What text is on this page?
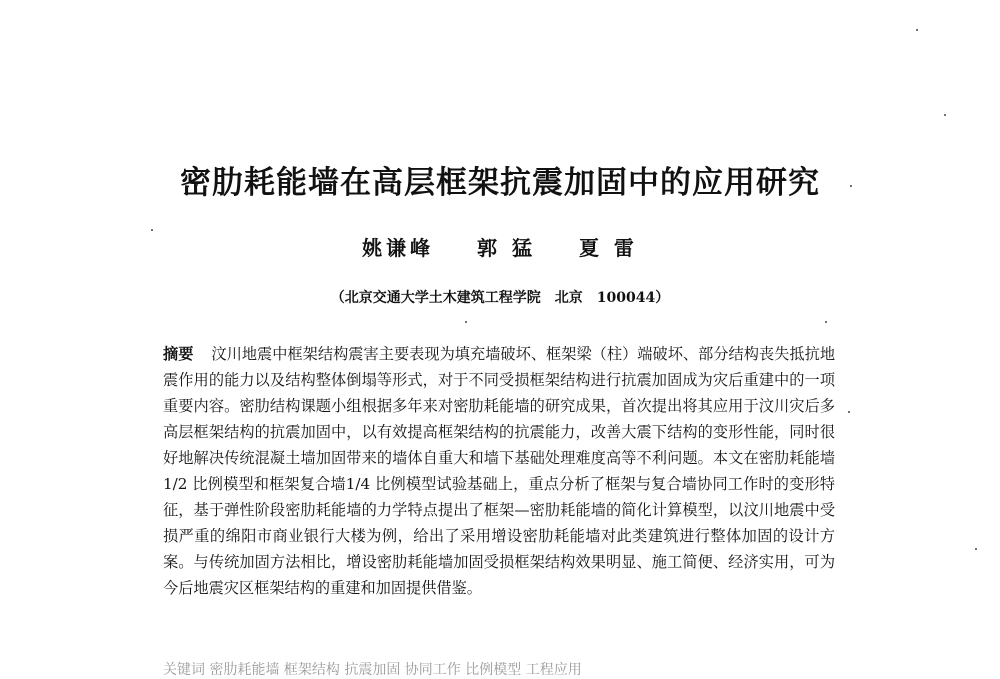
密肋耗能墙在高层框架抗震加固中的应用研究
姚谦峰 郭 猛 夏 雷
（北京交通大学土木建筑工程学院　北京　100044）

摘要 汶川地震中框架结构震害主要表现为填充墙破坏、框架梁（柱）端破坏、部分结构丧失抵抗地震作用的能力以及结构整体倒塌等形式，对于不同受损框架结构进行抗震加固成为灾后重建中的一项重要内容。密肋结构课题小组根据多年来对密肋耗能墙的研究成果，首次提出将其应用于汶川灾后多高层框架结构的抗震加固中，以有效提高框架结构的抗震能力，改善大震下结构的变形性能，同时很好地解决传统混凝土墙加固带来的墙体自重大和墙下基础处理难度高等不利问题。本文在密肋耗能墙1/2 比例模型和框架复合墙1/4 比例模型试验基础上，重点分析了框架与复合墙协同工作时的变形特征，基于弹性阶段密肋耗能墙的力学特点提出了框架—密肋耗能墙的简化计算模型，以汶川地震中受损严重的绵阳市商业银行大楼为例，给出了采用增设密肋耗能墙对此类建筑进行整体加固的设计方案。与传统加固方法相比，增设密肋耗能墙加固受损框架结构效果明显、施工简便、经济实用，可为今后地震灾区框架结构的重建和加固提供借鉴。

关键词 密肋耗能墙 框架结构 抗震加固 协同工作 比例模型 工程应用
